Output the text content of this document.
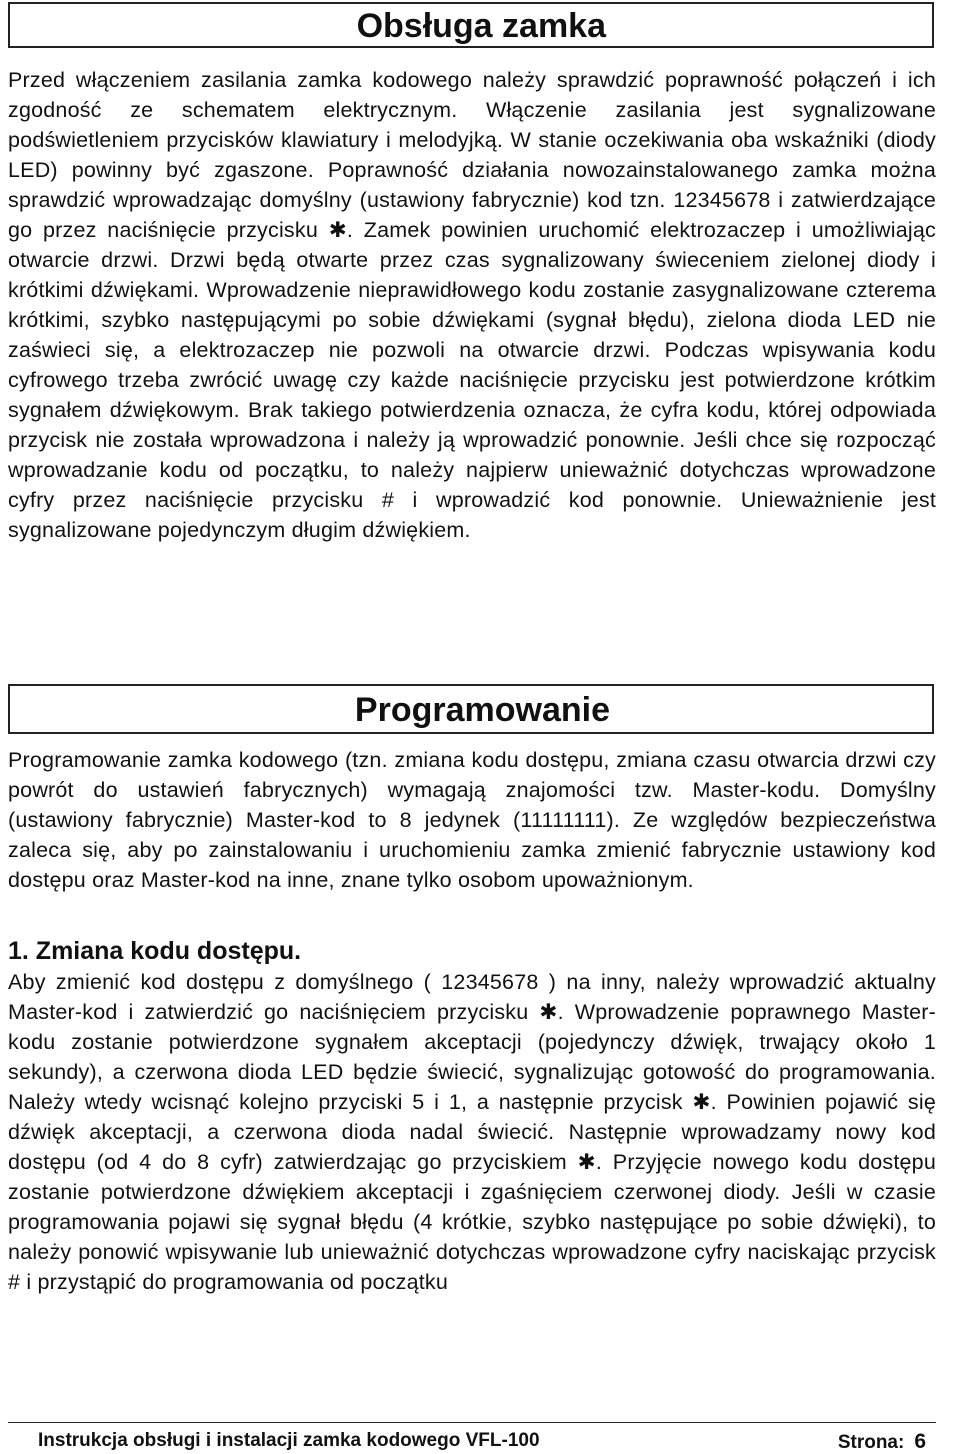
Obsługa zamka
Przed włączeniem zasilania zamka kodowego należy sprawdzić poprawność połączeń i ich zgodność ze schematem elektrycznym. Włączenie zasilania jest sygnalizowane podświetleniem przycisków klawiatury i melodyjką. W stanie oczekiwania oba wskaźniki (diody LED) powinny być zgaszone. Poprawność działania nowozainstalowanego zamka można sprawdzić wprowadzając domyślny (ustawiony fabrycznie) kod tzn. 12345678 i zatwierdzające go przez naciśnięcie przycisku ✱. Zamek powinien uruchomić elektrozaczep i umożliwiając otwarcie drzwi. Drzwi będą otwarte przez czas sygnalizowany świeceniem zielonej diody i krótkimi dźwiękami. Wprowadzenie nieprawidłowego kodu zostanie zasygnalizowane czterema krótkimi, szybko następującymi po sobie dźwiękami (sygnał błędu), zielona dioda LED nie zaświeci się, a elektrozaczep nie pozwoli na otwarcie drzwi. Podczas wpisywania kodu cyfrowego trzeba zwrócić uwagę czy każde naciśnięcie przycisku jest potwierdzone krótkim sygnałem dźwiękowym. Brak takiego potwierdzenia oznacza, że cyfra kodu, której odpowiada przycisk nie została wprowadzona i należy ją wprowadzić ponownie. Jeśli chce się rozpocząć wprowadzanie kodu od początku, to należy najpierw unieważnić dotychczas wprowadzone cyfry przez naciśnięcie przycisku # i wprowadzić kod ponownie. Unieważnienie jest sygnalizowane pojedynczym długim dźwiękiem.
Programowanie
Programowanie zamka kodowego (tzn. zmiana kodu dostępu, zmiana czasu otwarcia drzwi czy powrót do ustawień fabrycznych) wymagają znajomości tzw. Master-kodu. Domyślny (ustawiony fabrycznie) Master-kod to 8 jedynek (11111111). Ze względów bezpieczeństwa zaleca się, aby po zainstalowaniu i uruchomieniu zamka zmienić fabrycznie ustawiony kod dostępu oraz Master-kod na inne, znane tylko osobom upoważnionym.
1. Zmiana kodu dostępu.
Aby zmienić kod dostępu z domyślnego ( 12345678 ) na inny, należy wprowadzić aktualny Master-kod i zatwierdzić go naciśnięciem przycisku ✱. Wprowadzenie poprawnego Master-kodu zostanie potwierdzone sygnałem akceptacji (pojedynczy dźwięk, trwający około 1 sekundy), a czerwona dioda LED będzie świecić, sygnalizując gotowość do programowania. Należy wtedy wcisnąć kolejno przyciski 5 i 1, a następnie przycisk ✱. Powinien pojawić się dźwięk akceptacji, a czerwona dioda nadal świecić. Następnie wprowadzamy nowy kod dostępu (od 4 do 8 cyfr) zatwierdzając go przyciskiem ✱. Przyjęcie nowego kodu dostępu zostanie potwierdzone dźwiękiem akceptacji i zgaśnięciem czerwonej diody. Jeśli w czasie programowania pojawi się sygnał błędu (4 krótkie, szybko następujące po sobie dźwięki), to należy ponowić wpisywanie lub unieważnić dotychczas wprowadzone cyfry naciskając przycisk # i przystąpić do programowania od początku
Instrukcja obsługi i instalacji zamka kodowego VFL-100	Strona: 6
